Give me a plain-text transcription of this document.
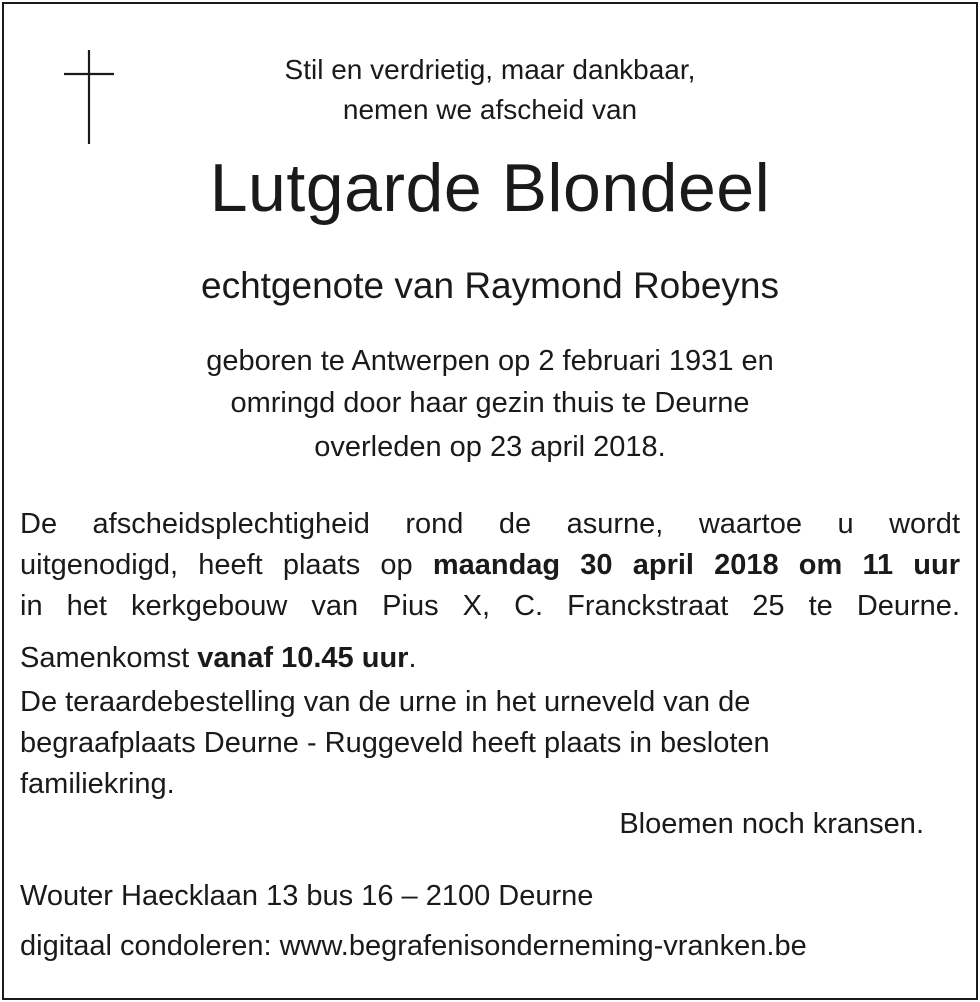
Stil en verdrietig, maar dankbaar,
nemen we afscheid van
Lutgarde Blondeel
echtgenote van Raymond Robeyns
geboren te Antwerpen op 2 februari 1931 en
omringd door haar gezin thuis te Deurne
overleden op 23 april 2018.
De afscheidsplechtigheid rond de asurne, waartoe u wordt
uitgenodigd, heeft plaats op maandag 30 april 2018 om 11 uur
in het kerkgebouw van Pius X, C. Franckstraat 25 te Deurne.
Samenkomst vanaf 10.45 uur.
De teraardebestelling van de urne in het urneveld van de
begraafplaats Deurne - Ruggeveld heeft plaats in besloten
familiekring.
Bloemen noch kransen.
Wouter Haecklaan 13 bus 16 – 2100 Deurne
digitaal condoleren: www.begrafenisonderneming-vranken.be
